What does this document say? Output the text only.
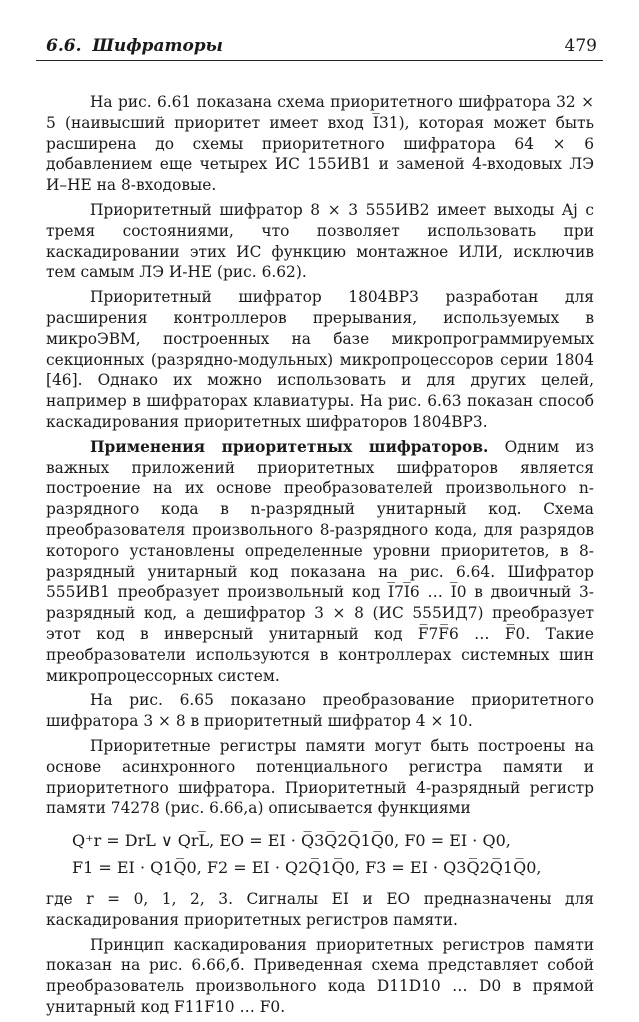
6.6. Шифраторы	479

На рис. 6.61 показана схема приоритетного шифратора 32 × 5 (наивысший приоритет имеет вход I̅31), которая может быть расширена до схемы приоритетного шифратора 64 × 6 добавлением еще четырех ИС 155ИВ1 и заменой 4-входовых ЛЭ И–НЕ на 8-входовые.

Приоритетный шифратор 8 × 3 555ИВ2 имеет выходы Aj с тремя состояниями, что позволяет использовать при каскадировании этих ИС функцию монтажное ИЛИ, исключив тем самым ЛЭ И-НЕ (рис. 6.62).

Приоритетный шифратор 1804ВР3 разработан для расширения контроллеров прерывания, используемых в микроЭВМ, построенных на базе микропрограммируемых секционных (разрядно-модульных) микропроцессоров серии 1804 [46]. Однако их можно использовать и для других целей, например в шифраторах клавиатуры. На рис. 6.63 показан способ каскадирования приоритетных шифраторов 1804ВР3.

Применения приоритетных шифраторов. Одним из важных приложений приоритетных шифраторов является построение на их основе преобразователей произвольного n-разрядного кода в n-разрядный унитарный код. Схема преобразователя произвольного 8-разрядного кода, для разрядов которого установлены определенные уровни приоритетов, в 8-разрядный унитарный код показана на рис. 6.64. Шифратор 555ИВ1 преобразует произвольный код I̅7I̅6 … I̅0 в двоичный 3-разрядный код, а дешифратор 3 × 8 (ИС 555ИД7) преобразует этот код в инверсный унитарный код F̅7F̅6 … F̅0. Такие преобразователи используются в контроллерах системных шин микропроцессорных систем.

На рис. 6.65 показано преобразование приоритетного шифратора 3 × 8 в приоритетный шифратор 4 × 10.

Приоритетные регистры памяти могут быть построены на основе асинхронного потенциального регистра памяти и приоритетного шифратора. Приоритетный 4-разрядный регистр памяти 74278 (рис. 6.66,а) описывается функциями

Q⁺r = DrL ∨ QrL̅, EO = EI · Q̅3Q̅2Q̅1Q̅0, F0 = EI · Q0,
F1 = EI · Q1Q̅0, F2 = EI · Q2Q̅1Q̅0, F3 = EI · Q3Q̅2Q̅1Q̅0,

где r = 0, 1, 2, 3. Сигналы EI и EO предназначены для каскадирования приоритетных регистров памяти.

Принцип каскадирования приоритетных регистров памяти показан на рис. 6.66,б. Приведенная схема представляет собой преобразователь произвольного кода D11D10 … D0 в прямой унитарный код F11F10 … F0.
